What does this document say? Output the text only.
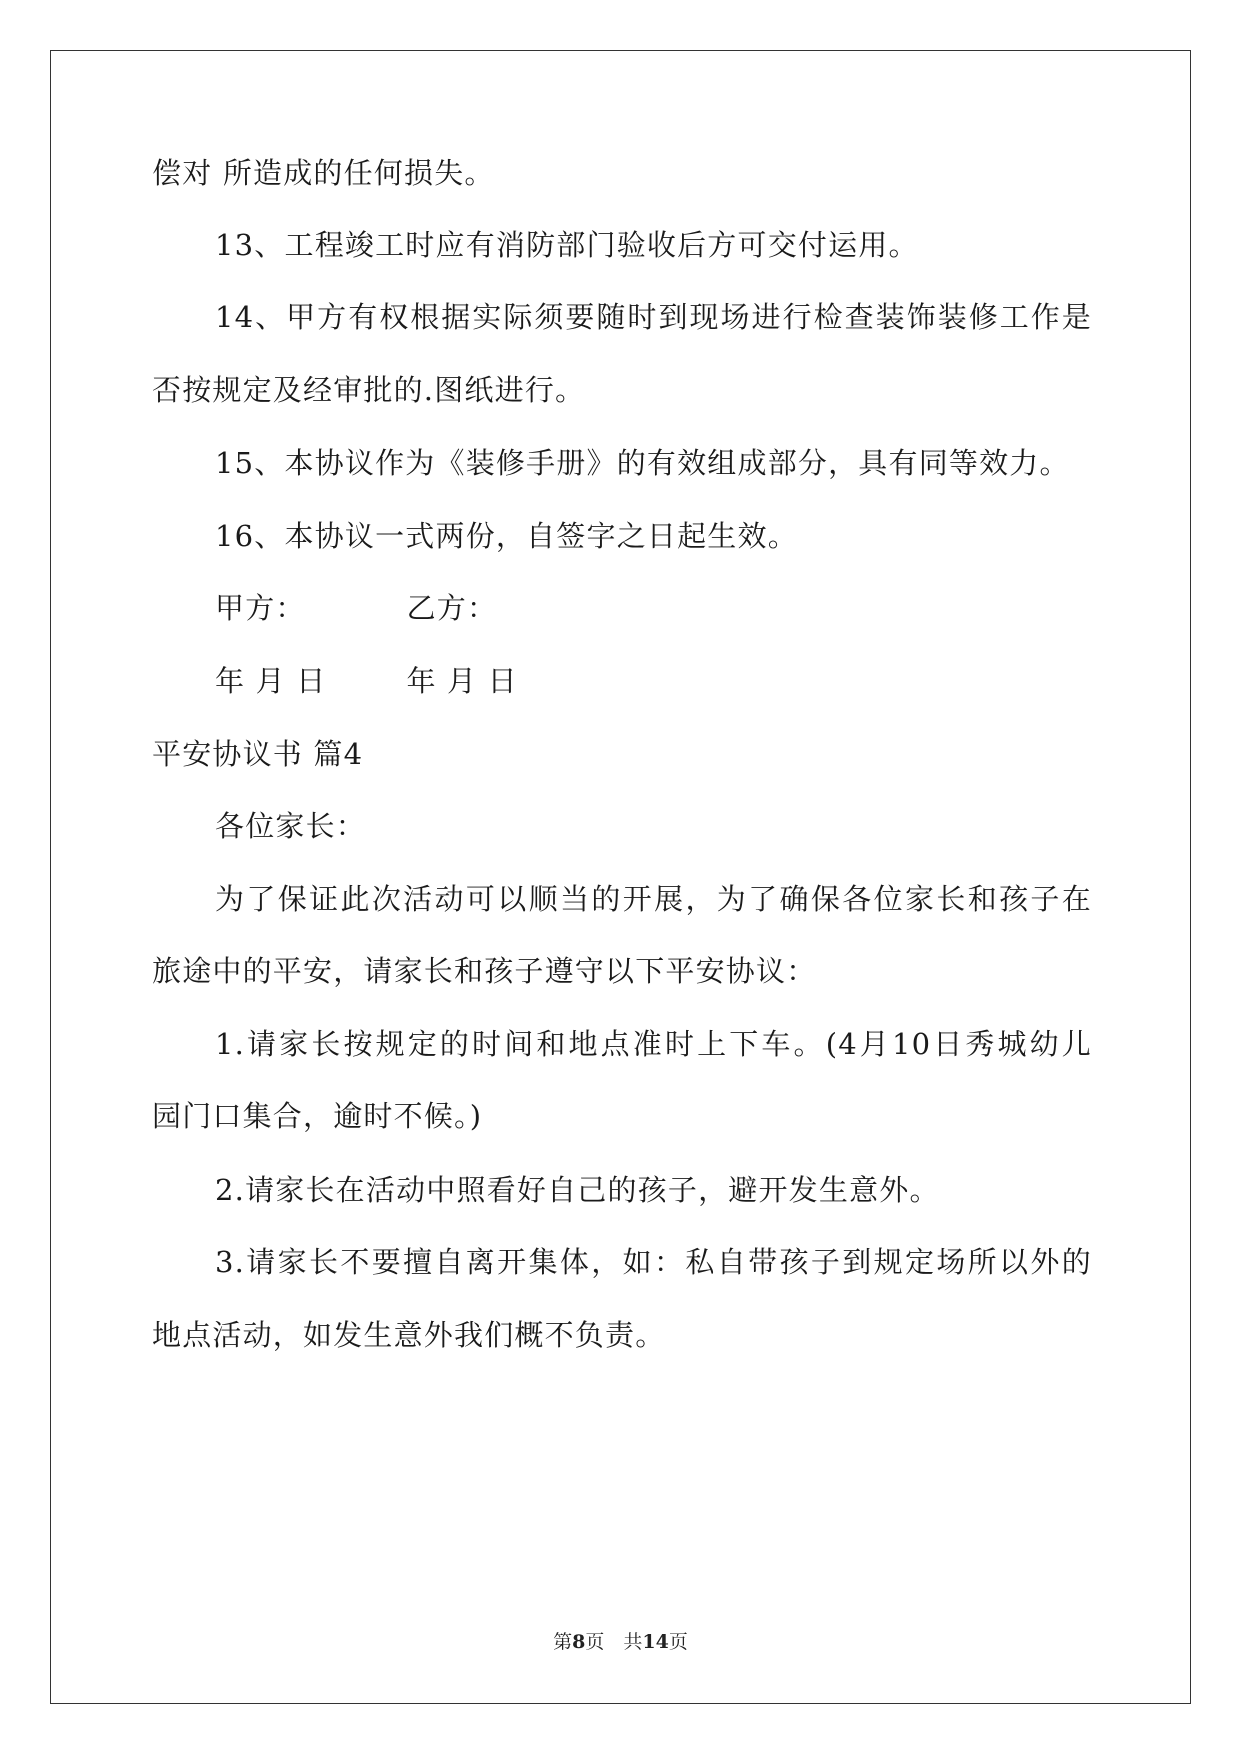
偿对 所造成的任何损失。
13、工程竣工时应有消防部门验收后方可交付运用。
14、甲方有权根据实际须要随时到现场进行检查装饰装修工作是
否按规定及经审批的.图纸进行。
15、本协议作为《装修手册》的有效组成部分，具有同等效力。
16、本协议一式两份，自签字之日起生效。
甲方：	乙方：
年 月 日	年 月 日
平安协议书 篇4
各位家长：
为了保证此次活动可以顺当的开展，为了确保各位家长和孩子在
旅途中的平安，请家长和孩子遵守以下平安协议：
1.请家长按规定的时间和地点准时上下车。(4月10日秀城幼儿
园门口集合，逾时不候。)
2.请家长在活动中照看好自己的孩子，避开发生意外。
3.请家长不要擅自离开集体，如：私自带孩子到规定场所以外的
地点活动，如发生意外我们概不负责。
第8页　共14页
